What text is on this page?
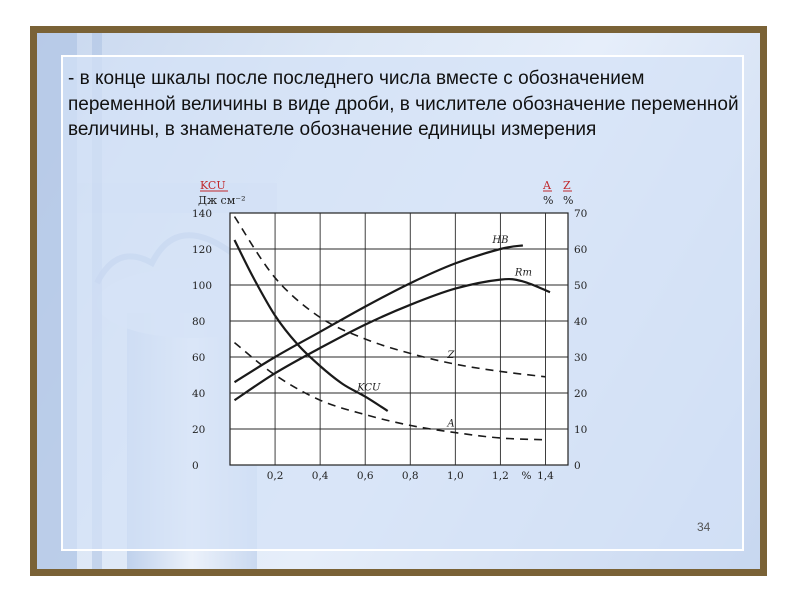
- в конце шкалы после последнего числа вместе с обозначением переменной величины в виде дроби, в числителе обозначение переменной величины, в знаменателе обозначение единицы измерения

HB
Rm
KCU
Z
A
0,2	0,4	0,6	0,8	1,0	1,2	1,4
%
0
20
40
60
80
100
120
140
0
10
20
30
40
50
60
70
KCU
Дж см⁻²
A
%
Z
%
34
